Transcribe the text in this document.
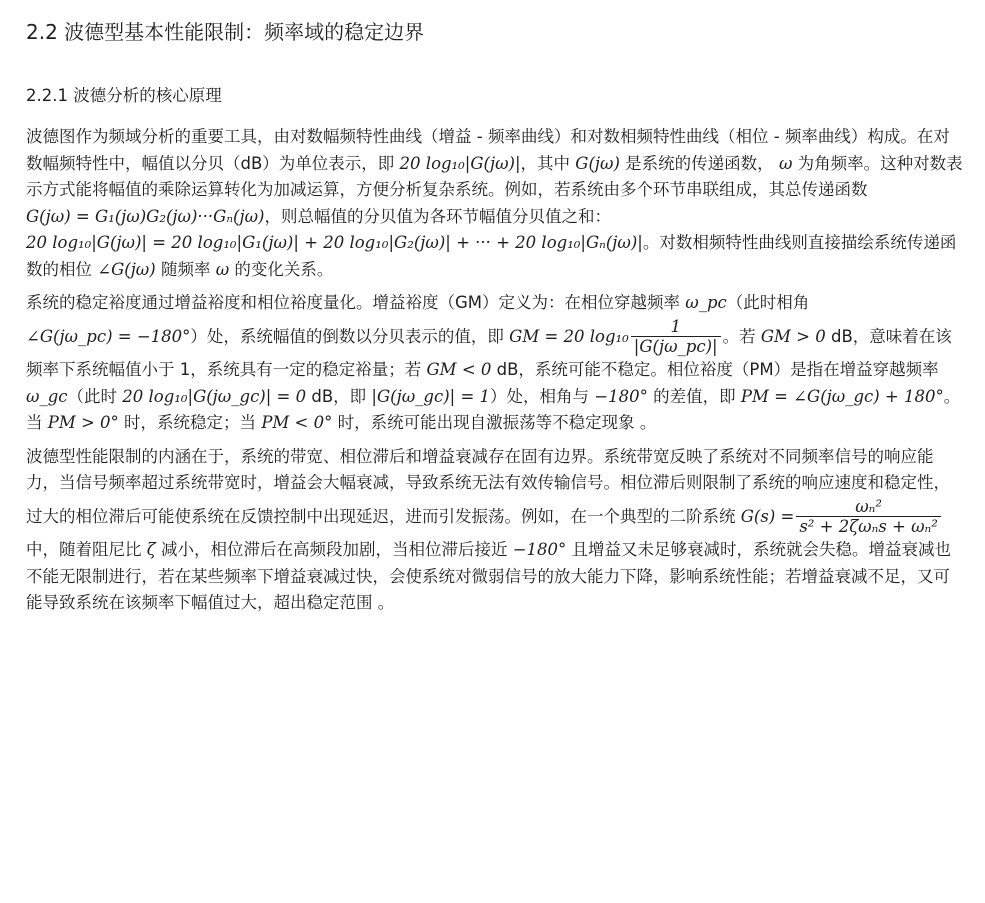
2.2 波德型基本性能限制：频率域的稳定边界
2.2.1 波德分析的核心原理

波德图作为频域分析的重要工具，由对数幅频特性曲线（增益 - 频率曲线）和对数相频特性曲线（相位 - 频率曲线）构成。在对数幅频特性中，幅值以分贝（dB）为单位表示，即 20 log₁₀|G(jω)|，其中 G(jω) 是系统的传递函数， ω 为角频率。这种对数表示方式能将幅值的乘除运算转化为加减运算，方便分析复杂系统。例如，若系统由多个环节串联组成，其总传递函数 G(jω) = G₁(jω)G₂(jω)···Gₙ(jω)，则总幅值的分贝值为各环节幅值分贝值之和：20 log₁₀|G(jω)| = 20 log₁₀|G₁(jω)| + 20 log₁₀|G₂(jω)| + ··· + 20 log₁₀|Gₙ(jω)|。对数相频特性曲线则直接描绘系统传递函数的相位 ∠G(jω) 随频率 ω 的变化关系。

系统的稳定裕度通过增益裕度和相位裕度量化。增益裕度（GM）定义为：在相位穿越频率 ω_pc（此时相角 ∠G(jω_pc) = −180°）处，系统幅值的倒数以分贝表示的值，即 GM = 20 $\log_{10} \frac{1}{|G(j\omega\_pc)|}$ 。若 GM > 0 dB，意味着在该频率下系统幅值小于 1，系统具有一定的稳定裕量；若 GM < 0 dB，系统可能不稳定。相位裕度（PM）是指在增益穿越频率 ω_gc（此时 20 log₁₀|G(jω_gc)| = 0 dB，即 |G(jω_gc)| = 1）处，相角与 −180° 的差值，即 PM = ∠G(jω_gc) + 180°。当 PM > 0° 时，系统稳定；当 PM < 0° 时，系统可能出现自激振荡等不稳定现象 。

波德型性能限制的内涵在于，系统的带宽、相位滞后和增益衰减存在固有边界。系统带宽反映了系统对不同频率信号的响应能力，当信号频率超过系统带宽时，增益会大幅衰减，导致系统无法有效传输信号。相位滞后则限制了系统的响应速度和稳定性，过大的相位滞后可能使系统在反馈控制中出现延迟，进而引发振荡。例如，在一个典型的二阶系统 $G(s) = \frac{\text{ωₙ²}}{\text{s² + 2ζωₙs + ωₙ²}}$
中，随着阻尼比 ζ 减小，相位滞后在高频段加剧，当相位滞后接近 −180° 且增益又未足够衰减时，系统就会失稳。增益衰减也不能无限制进行，若在某些频率下增益衰减过快，会使系统对微弱信号的放大能力下降，影响系统性能；若增益衰减不足，又可能导致系统在该频率下幅值过大，超出稳定范围 。
